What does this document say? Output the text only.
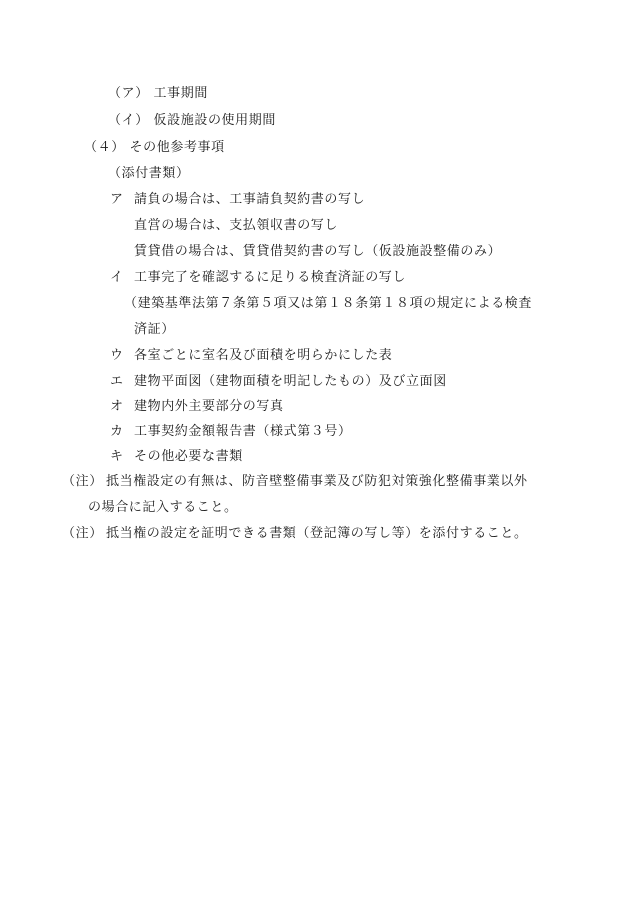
（ア） 工事期間
（イ） 仮設施設の使用期間
（４） その他参考事項
（添付書類）
ア 請負の場合は、工事請負契約書の写し
直営の場合は、支払領収書の写し
賃貸借の場合は、賃貸借契約書の写し（仮設施設整備のみ）
イ 工事完了を確認するに足りる検査済証の写し
（建築基準法第７条第５項又は第１８条第１８項の規定による検査
済証）
ウ 各室ごとに室名及び面積を明らかにした表
エ 建物平面図（建物面積を明記したもの）及び立面図
オ 建物内外主要部分の写真
カ 工事契約金額報告書（様式第３号）
キ その他必要な書類
（注） 抵当権設定の有無は、防音壁整備事業及び防犯対策強化整備事業以外
の場合に記入すること。
（注） 抵当権の設定を証明できる書類（登記簿の写し等）を添付すること。
